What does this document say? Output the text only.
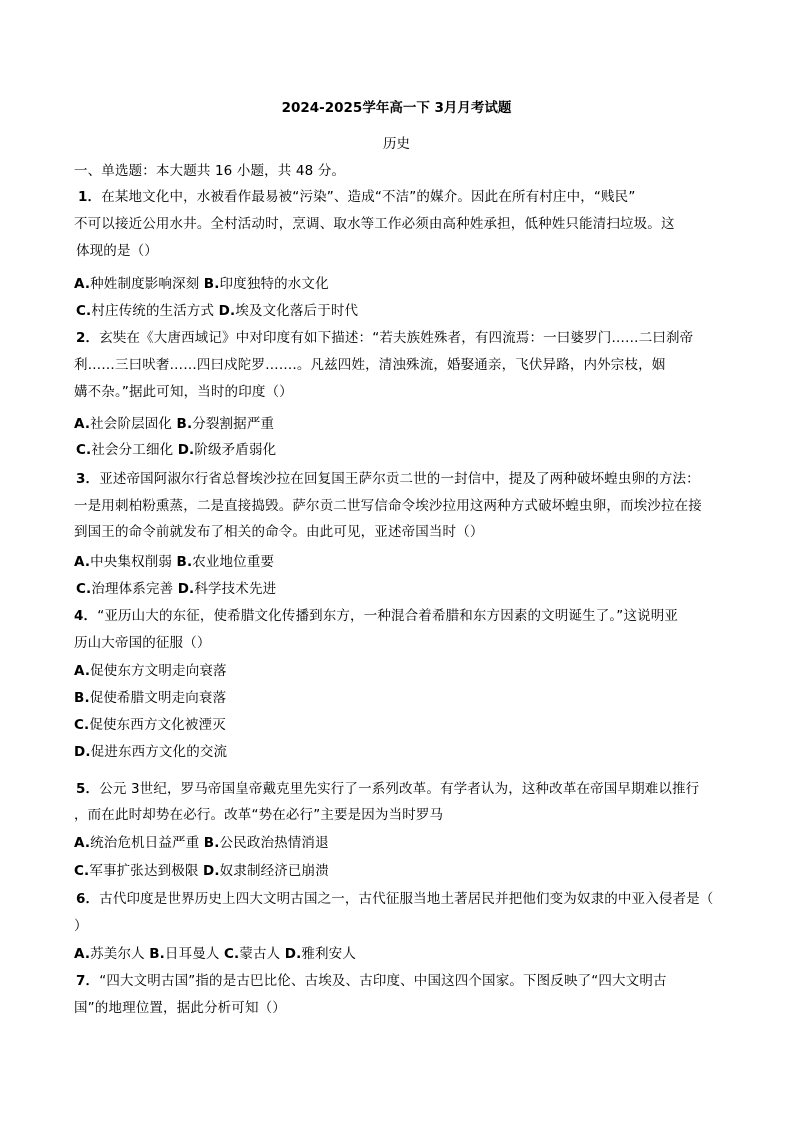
2024-2025学年高一下 3月月考试题
历史
一、单选题：本大题共 16 小题，共 48 分。
1．在某地文化中，水被看作最易被“污染”、造成“不洁”的媒介。因此在所有村庄中，“贱民”
不可以接近公用水井。全村活动时，烹调、取水等工作必须由高种姓承担，低种姓只能清扫垃圾。这
体现的是（）
A.种姓制度影响深刻 B.印度独特的水文化
C.村庄传统的生活方式 D.埃及文化落后于时代
2．玄奘在《大唐西域记》中对印度有如下描述：“若夫族姓殊者，有四流焉：一曰婆罗门……二曰刹帝
利……三曰吠奢……四曰戍陀罗…….。凡兹四姓，清浊殊流，婚娶通亲，飞伏异路，内外宗枝，姻
媾不杂。”据此可知，当时的印度（）
A.社会阶层固化 B.分裂割据严重
C.社会分工细化 D.阶级矛盾弱化
3．亚述帝国阿淑尔行省总督埃沙拉在回复国王萨尔贡二世的一封信中，提及了两种破坏蝗虫卵的方法：
一是用刺柏粉熏蒸，二是直接捣毁。萨尔贡二世写信命令埃沙拉用这两种方式破坏蝗虫卵，而埃沙拉在接
到国王的命令前就发布了相关的命令。由此可见，亚述帝国当时（）
A.中央集权削弱 B.农业地位重要
C.治理体系完善 D.科学技术先进
4．“亚历山大的东征，使希腊文化传播到东方，一种混合着希腊和东方因素的文明诞生了。”这说明亚
历山大帝国的征服（）
A.促使东方文明走向衰落
B.促使希腊文明走向衰落
C.促使东西方文化被湮灭
D.促进东西方文化的交流
5．公元 3世纪，罗马帝国皇帝戴克里先实行了一系列改革。有学者认为，这种改革在帝国早期难以推行
，而在此时却势在必行。改革“势在必行”主要是因为当时罗马
A.统治危机日益严重 B.公民政治热情消退
C.军事扩张达到极限 D.奴隶制经济已崩溃
6．古代印度是世界历史上四大文明古国之一，古代征服当地土著居民并把他们变为奴隶的中亚入侵者是（
）
A.苏美尔人 B.日耳曼人 C.蒙古人 D.雅利安人
7．“四大文明古国”指的是古巴比伦、古埃及、古印度、中国这四个国家。下图反映了“四大文明古
国”的地理位置，据此分析可知（）
